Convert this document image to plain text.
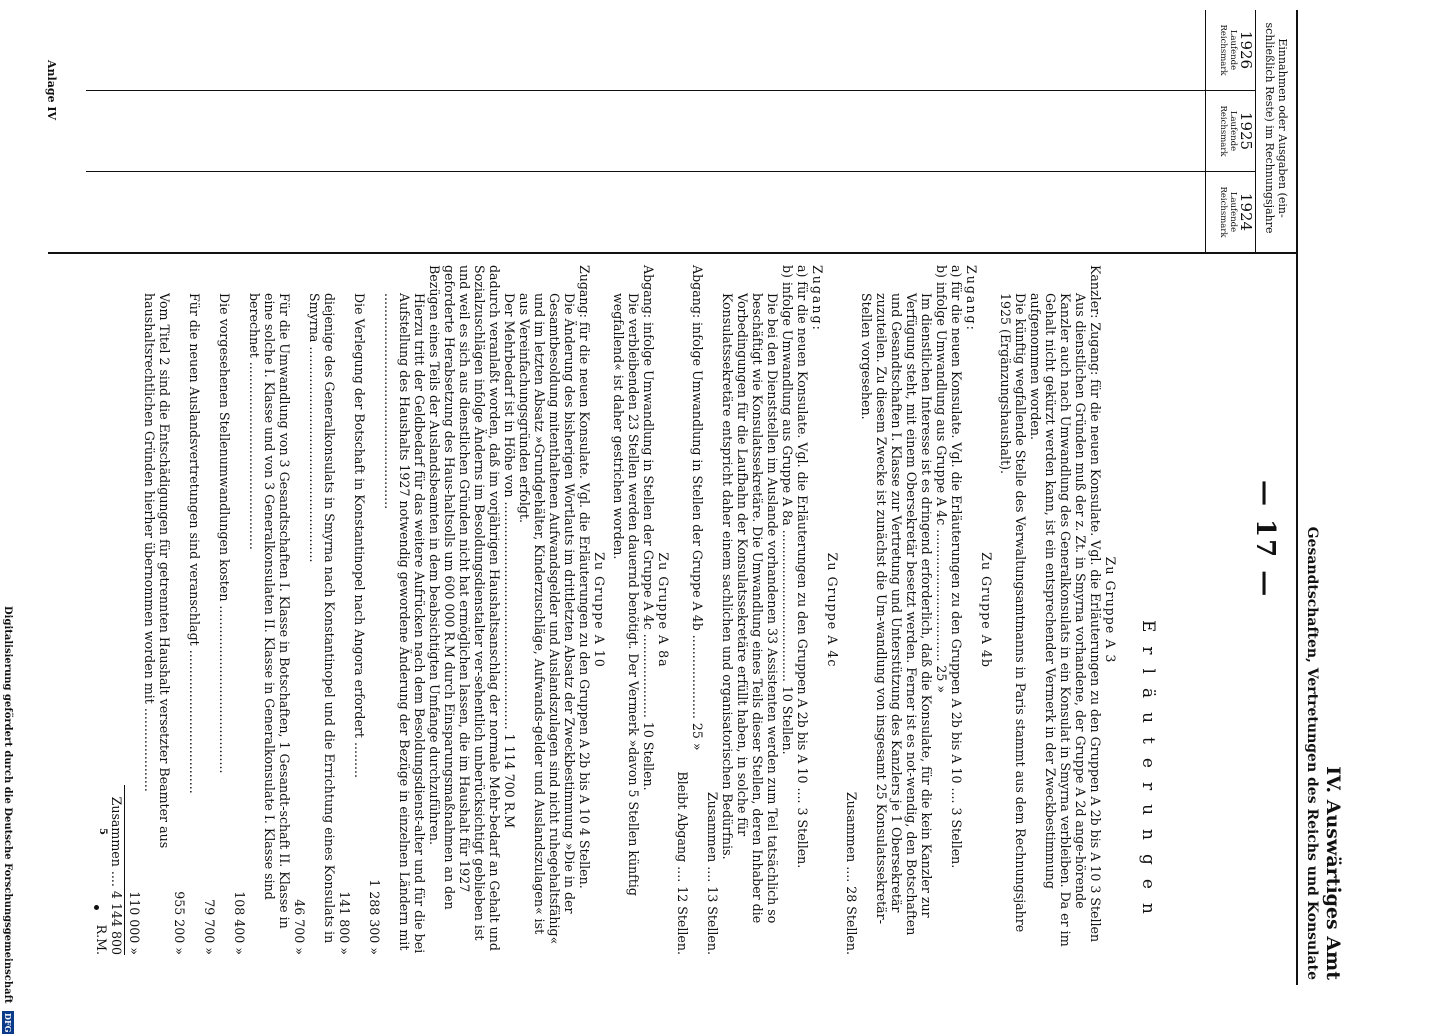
IV. Auswärtiges Amt
Gesandtschaften, Vertretungen des Reichs und Konsulate
— 17 —
Erläuterungen
Einnahmen oder Ausgaben (ein- schließlich Reste) im Rechnungsjahre
1926
Laufende Reichsmark
1925
Laufende Reichsmark
1924
Laufende Reichsmark

Zu Gruppe A 3

Kanzler: Zugang: für die neuen Konsulate. Vgl. die Erläuterungen zu den Gruppen A 2b bis A 10 3 Stellen

Aus dienstlichen Gründen muß der z. Zt. in Smyrna vorhandene, der Gruppe A 2d ange-hörende Kanzler auch nach Umwandlung des Generalkonsulats in ein Konsulat in Smyrna verbleiben. Da er im Gehalt nicht gekürzt werden kann, ist ein entsprechender Vermerk in der Zweckbestimmung aufgenommen worden.

Die künftig wegfallende Stelle des Verwaltungsamtmanns in Paris stammt aus dem Rechnungsjahre 1925 (Ergänzungshaushalt).

Zu Gruppe A 4b

Zugang:

a) für die neuen Konsulate. Vgl. die Erläuterungen zu den Gruppen A 2b bis A 10 .... 3 Stellen.

b) infolge Umwandlung aus Gruppe A 4c ................................. 25 »

Im dienstlichen Interesse ist es dringend erforderlich, daß die Konsulate, für die kein Kanzler zur Verfügung steht, mit einem Obersekretär besetzt werden. Ferner ist es not-wendig, den Botschaften und Gesandtschaften I. Klasse zur Vertretung und Unterstützung des Kanzlers je 1 Obersekretär zuzuteilen. Zu diesem Zwecke ist zunächst die Um-wandlung von insgesamt 25 Konsulatssekretär-Stellen vorgesehen.

Zusammen .... 28 Stellen.

Zu Gruppe A 4c

Zugang:

a) für die neuen Konsulate. Vgl. die Erläuterungen zu den Gruppen A 2b bis A 10 .... 3 Stellen.

b) infolge Umwandlung aus Gruppe A 8a ...................................... 10 Stellen.

Die bei den Dienststellen im Auslande vorhandenen 33 Assistenten werden zum Teil tatsächlich so beschäftigt wie Konsulatssekretäre. Die Umwandlung eines Teils dieser Stellen, deren Inhaber die Vorbedingungen für die Laufbahn der Konsulatssekretäre erfüllt haben, in solche für Konsulatssekretäre entspricht daher einem sachlichen und organisatorischen Bedürfnis.

Zusammen .... 13 Stellen.

Abgang: infolge Umwandlung in Stellen der Gruppe A 4b ..................... 25 »

Bleibt Abgang .... 12 Stellen.

Zu Gruppe A 8a

Abgang: infolge Umwandlung in Stellen der Gruppe A 4c ..................... 10 Stellen.

Die verbleibenden 23 Stellen werden dauernd benötigt. Der Vermerk »davon 5 Stellen künftig wegfallend« ist daher gestrichen worden.

Zu Gruppe A 10

Zugang: für die neuen Konsulate. Vgl. die Erläuterungen zu den Gruppen A 2b bis A 10 4 Stellen.

Die Änderung des bisherigen Wortlauts im drittletzten Absatz der Zweckbestimmung »Die in der Gesamtbesoldung mitenthaltenen Aufwandsgelder und Auslandszulagen sind nicht ruhegehaltsfähig« und im letzten Absatz »Grundgehälter, Kinderzuschläge, Aufwands-gelder und Auslandszulagen« ist aus Vereinfachungsgründen erfolgt.

Der Mehrbedarf ist in Höhe von ......................................................... 1 114 700 R.M

dadurch veranlaßt worden, daß im vorjährigen Haushaltsanschlag der normale Mehr-bedarf an Gehalt und Sozialzuschlägen infolge Änderns im Besoldungsdienstalter ver-sehentlich unberücksichtigt geblieben ist und weil es sich aus dienstlichen Gründen nicht hat ermöglichen lassen, die im Haushalt für 1927 geforderte Herabsetzung des Haus-haltsolls um 600 000 R.M durch Einsparungsmaßnahmen an den Bezügen eines Teils der Auslandsbeamten in dem beabsichtigten Umfange durchzuführen.

Hierzu tritt der Geldbedarf für das weitere Aufrücken nach dem Besoldungsdienst-alter und für die bei Aufstellung des Haushalts 1927 notwendig gewordene Änderung der Bezüge in einzelnen Ländern mit ......................................................

1 288 300 »

Die Verlegung der Botschaft in Konstantinopel nach Angora erfordert .........

141 800 »

diejenige des Generalkonsulats in Smyrna nach Konstantinopel und die Errichtung eines Konsulats in Smyrna ......................................................

46 700 »

Für die Umwandlung von 3 Gesandtschaften I. Klasse in Botschaften, 1 Gesandt-schaft II. Klasse in eine solche I. Klasse und von 3 Generalkonsulaten II. Klasse in Generalkonsulate I. Klasse sind berechnet ...............................................

108 400 »

Die vorgesehenen Stellenumwandlungen kosten ..........................................

79 700 »

Für die neuen Auslandsvertretungen sind veranschlagt ....................................

955 200 »

Vom Titel 2 sind die Entschädigungen für getrennten Haushalt versetzter Beamter aus haushaltsrechtlichen Gründen hierher übernommen worden mit .....................

110 000 »

Zusammen .... 4 144 800 R.M.

Anlage IV
5
Digitalisierung gefördert durch die Deutsche Forschungsgemeinschaft DFG
